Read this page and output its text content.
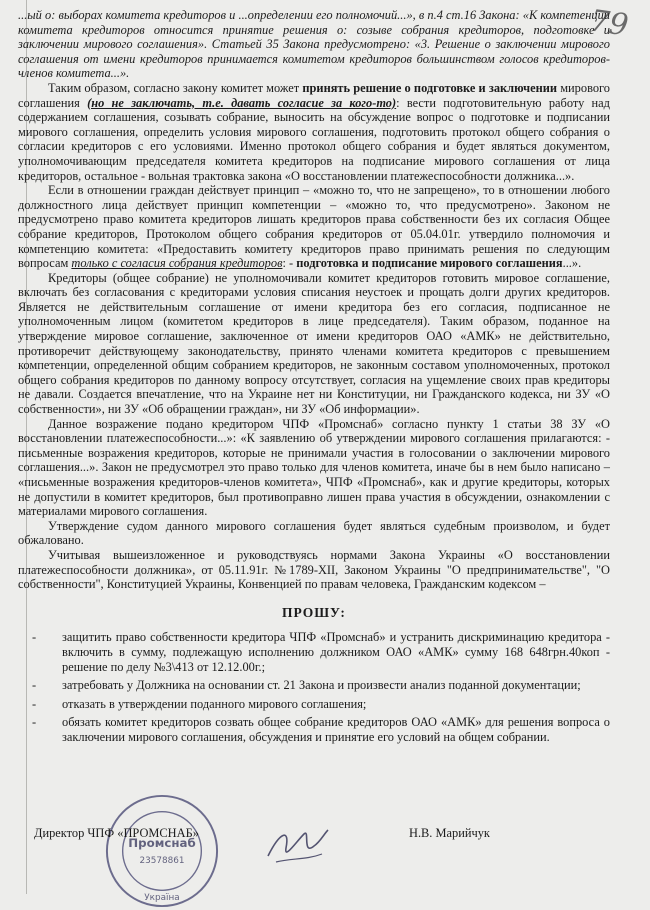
79

...ый о: выборах комитета кредиторов и ...определении его полномочий...», в п.4 ст.16 Закона: «К компетенции комитета кредиторов относится принятие решения о: созыве собрания кредиторов, подготовке и заключении мирового соглашения». Статьей 35 Закона предусмотрено: «3. Решение о заключении мирового соглашения от имени кредиторов принимается комитетом кредиторов большинством голосов кредиторов- членов комитета...».

Таким образом, согласно закону комитет может принять решение о подготовке и заключении мирового соглашения (но не заключать, т.е. давать согласие за кого-то): вести подготовительную работу над содержанием соглашения, созывать собрание, выносить на обсуждение вопрос о подготовке и подписании мирового соглашения, определить условия мирового соглашения, подготовить протокол общего собрания о согласии кредиторов с его условиями. Именно протокол общего собрания и будет являться документом, уполномочивающим председателя комитета кредиторов на подписание мирового соглашения от лица кредиторов, остальное - вольная трактовка закона «О восстановлении платежеспособности должника...».

Если в отношении граждан действует принцип – «можно то, что не запрещено», то в отношении любого должностного лица действует принцип компетенции – «можно то, что предусмотрено». Законом не предусмотрено право комитета кредиторов лишать кредиторов права собственности без их согласия Общее собрание кредиторов, Протоколом общего собрания кредиторов от 05.04.01г. утвердило полномочия и компетенцию комитета: «Предоставить комитету кредиторов право принимать решения по следующим вопросам только с согласия собрания кредиторов: - подготовка и подписание мирового соглашения...».

Кредиторы (общее собрание) не уполномочивали комитет кредиторов готовить мировое соглашение, включать без согласования с кредиторами условия списания неустоек и прощать долги других кредиторов. Является не действительным соглашение от имени кредитора без его согласия, подписанное не уполномоченным лицом (комитетом кредиторов в лице председателя). Таким образом, поданное на утверждение мировое соглашение, заключенное от имени кредиторов ОАО «АМК» не действительно, противоречит действующему законодательству, принято членами комитета кредиторов с превышением компетенции, определенной общим собранием кредиторов, не законным составом уполномоченных, протокол общего собрания кредиторов по данному вопросу отсутствует, согласия на ущемление своих прав кредиторы не давали. Создается впечатление, что на Украине нет ни Конституции, ни Гражданского кодекса, ни ЗУ «О собственности», ни ЗУ «Об обращении граждан», ни ЗУ «Об информации».

Данное возражение подано кредитором ЧПФ «Промснаб» согласно пункту 1 статьи 38 ЗУ «О восстановлении платежеспособности...»: «К заявлению об утверждении мирового соглашения прилагаются: - письменные возражения кредиторов, которые не принимали участия в голосовании о заключении мирового соглашения...». Закон не предусмотрел это право только для членов комитета, иначе бы в нем было написано – «письменные возражения кредиторов-членов комитета», ЧПФ «Промснаб», как и другие кредиторы, которых не допустили в комитет кредиторов, был противоправно лишен права участия в обсуждении, ознакомлении с материалами мирового соглашения.

Утверждение судом данного мирового соглашения будет являться судебным произволом, и будет обжаловано.

Учитывая вышеизложенное и руководствуясь нормами Закона Украины «О восстановлении платежеспособности должника», от 05.11.91г. №1789-XII, Законом Украины "О предпринимательстве", "О собственности", Конституцией Украины, Конвенцией по правам человека, Гражданским кодексом –

ПРОШУ:
- защитить право собственности кредитора ЧПФ «Промснаб» и устранить дискриминацию кредитора - включить в сумму, подлежащую исполнению должником ОАО «АМК» сумму 168 648грн.40коп - решение по делу №3\413 от 12.12.00г.;
- затребовать у Должника на основании ст. 21 Закона и произвести анализ поданной документации;
- отказать в утверждении поданного мирового соглашения;
- обязать комитет кредиторов созвать общее собрание кредиторов ОАО «АМК» для решения вопроса о заключении мирового соглашения, обсуждения и принятие его условий на общем собрании.
Промснаб
23578861
Україна
Директор ЧПФ «ПРОМСНАБ»	Н.В. Марийчук
